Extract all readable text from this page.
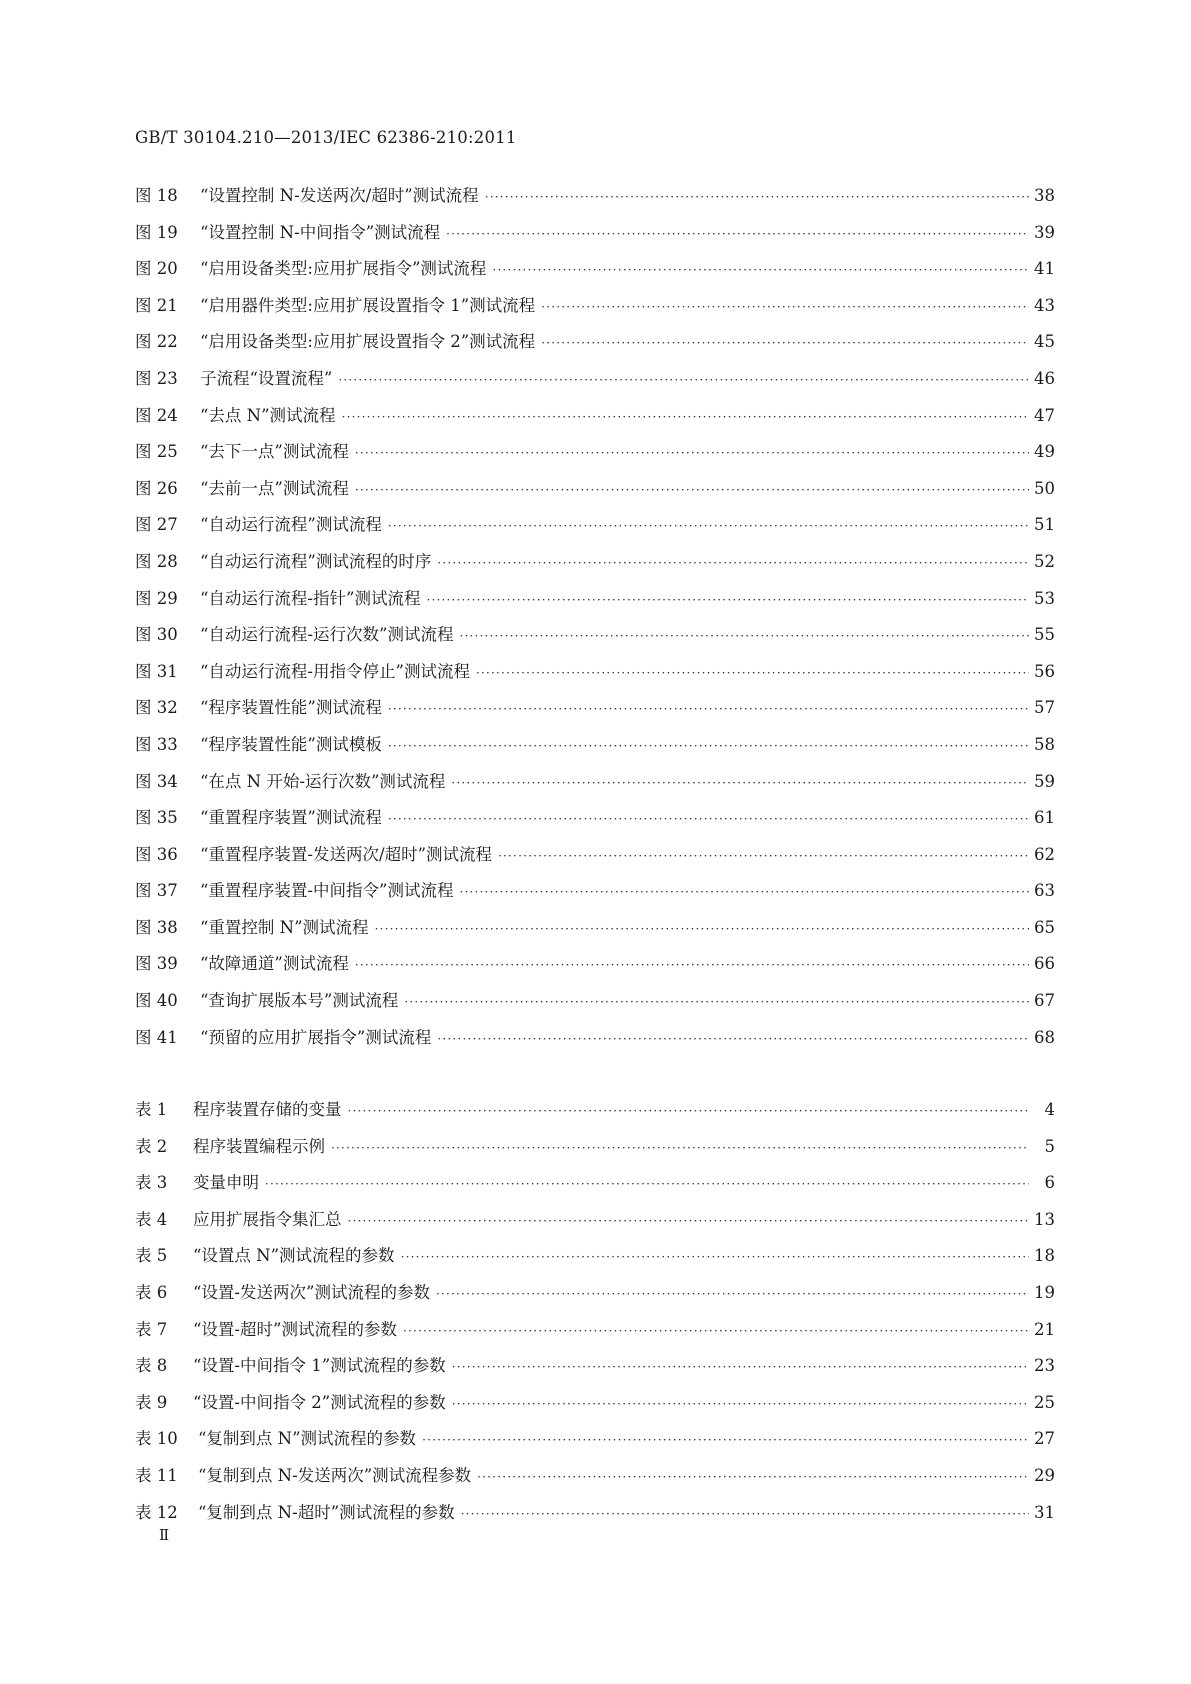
GB/T 30104.210—2013/IEC 62386-210:2011
图 18	“设置控制 N-发送两次/超时”测试流程 ·····	38
图 19	“设置控制 N-中间指令”测试流程 ·····	39
图 20	“启用设备类型:应用扩展指令”测试流程 ·····	41
图 21	“启用器件类型:应用扩展设置指令 1”测试流程 ·····	43
图 22	“启用设备类型:应用扩展设置指令 2”测试流程 ·····	45
图 23	子流程“设置流程” ·····	46
图 24	“去点 N”测试流程 ·····	47
图 25	“去下一点”测试流程 ·····	49
图 26	“去前一点”测试流程 ·····	50
图 27	“自动运行流程”测试流程 ·····	51
图 28	“自动运行流程”测试流程的时序 ·····	52
图 29	“自动运行流程-指针”测试流程 ·····	53
图 30	“自动运行流程-运行次数”测试流程 ·····	55
图 31	“自动运行流程-用指令停止”测试流程 ·····	56
图 32	“程序装置性能”测试流程 ·····	57
图 33	“程序装置性能”测试模板 ·····	58
图 34	“在点 N 开始-运行次数”测试流程 ·····	59
图 35	“重置程序装置”测试流程 ·····	61
图 36	“重置程序装置-发送两次/超时”测试流程 ·····	62
图 37	“重置程序装置-中间指令”测试流程 ·····	63
图 38	“重置控制 N”测试流程 ·····	65
图 39	“故障通道”测试流程 ·····	66
图 40	“查询扩展版本号”测试流程 ·····	67
图 41	“预留的应用扩展指令”测试流程 ·····	68
表 1	程序装置存储的变量 ·····	4
表 2	程序装置编程示例 ·····	5
表 3	变量申明 ·····	6
表 4	应用扩展指令集汇总 ·····	13
表 5	“设置点 N”测试流程的参数 ·····	18
表 6	“设置-发送两次”测试流程的参数 ·····	19
表 7	“设置-超时”测试流程的参数 ·····	21
表 8	“设置-中间指令 1”测试流程的参数 ·····	23
表 9	“设置-中间指令 2”测试流程的参数 ·····	25
表 10	“复制到点 N”测试流程的参数 ·····	27
表 11	“复制到点 N-发送两次”测试流程参数 ·····	29
表 12	“复制到点 N-超时”测试流程的参数 ·····	31
Ⅱ
